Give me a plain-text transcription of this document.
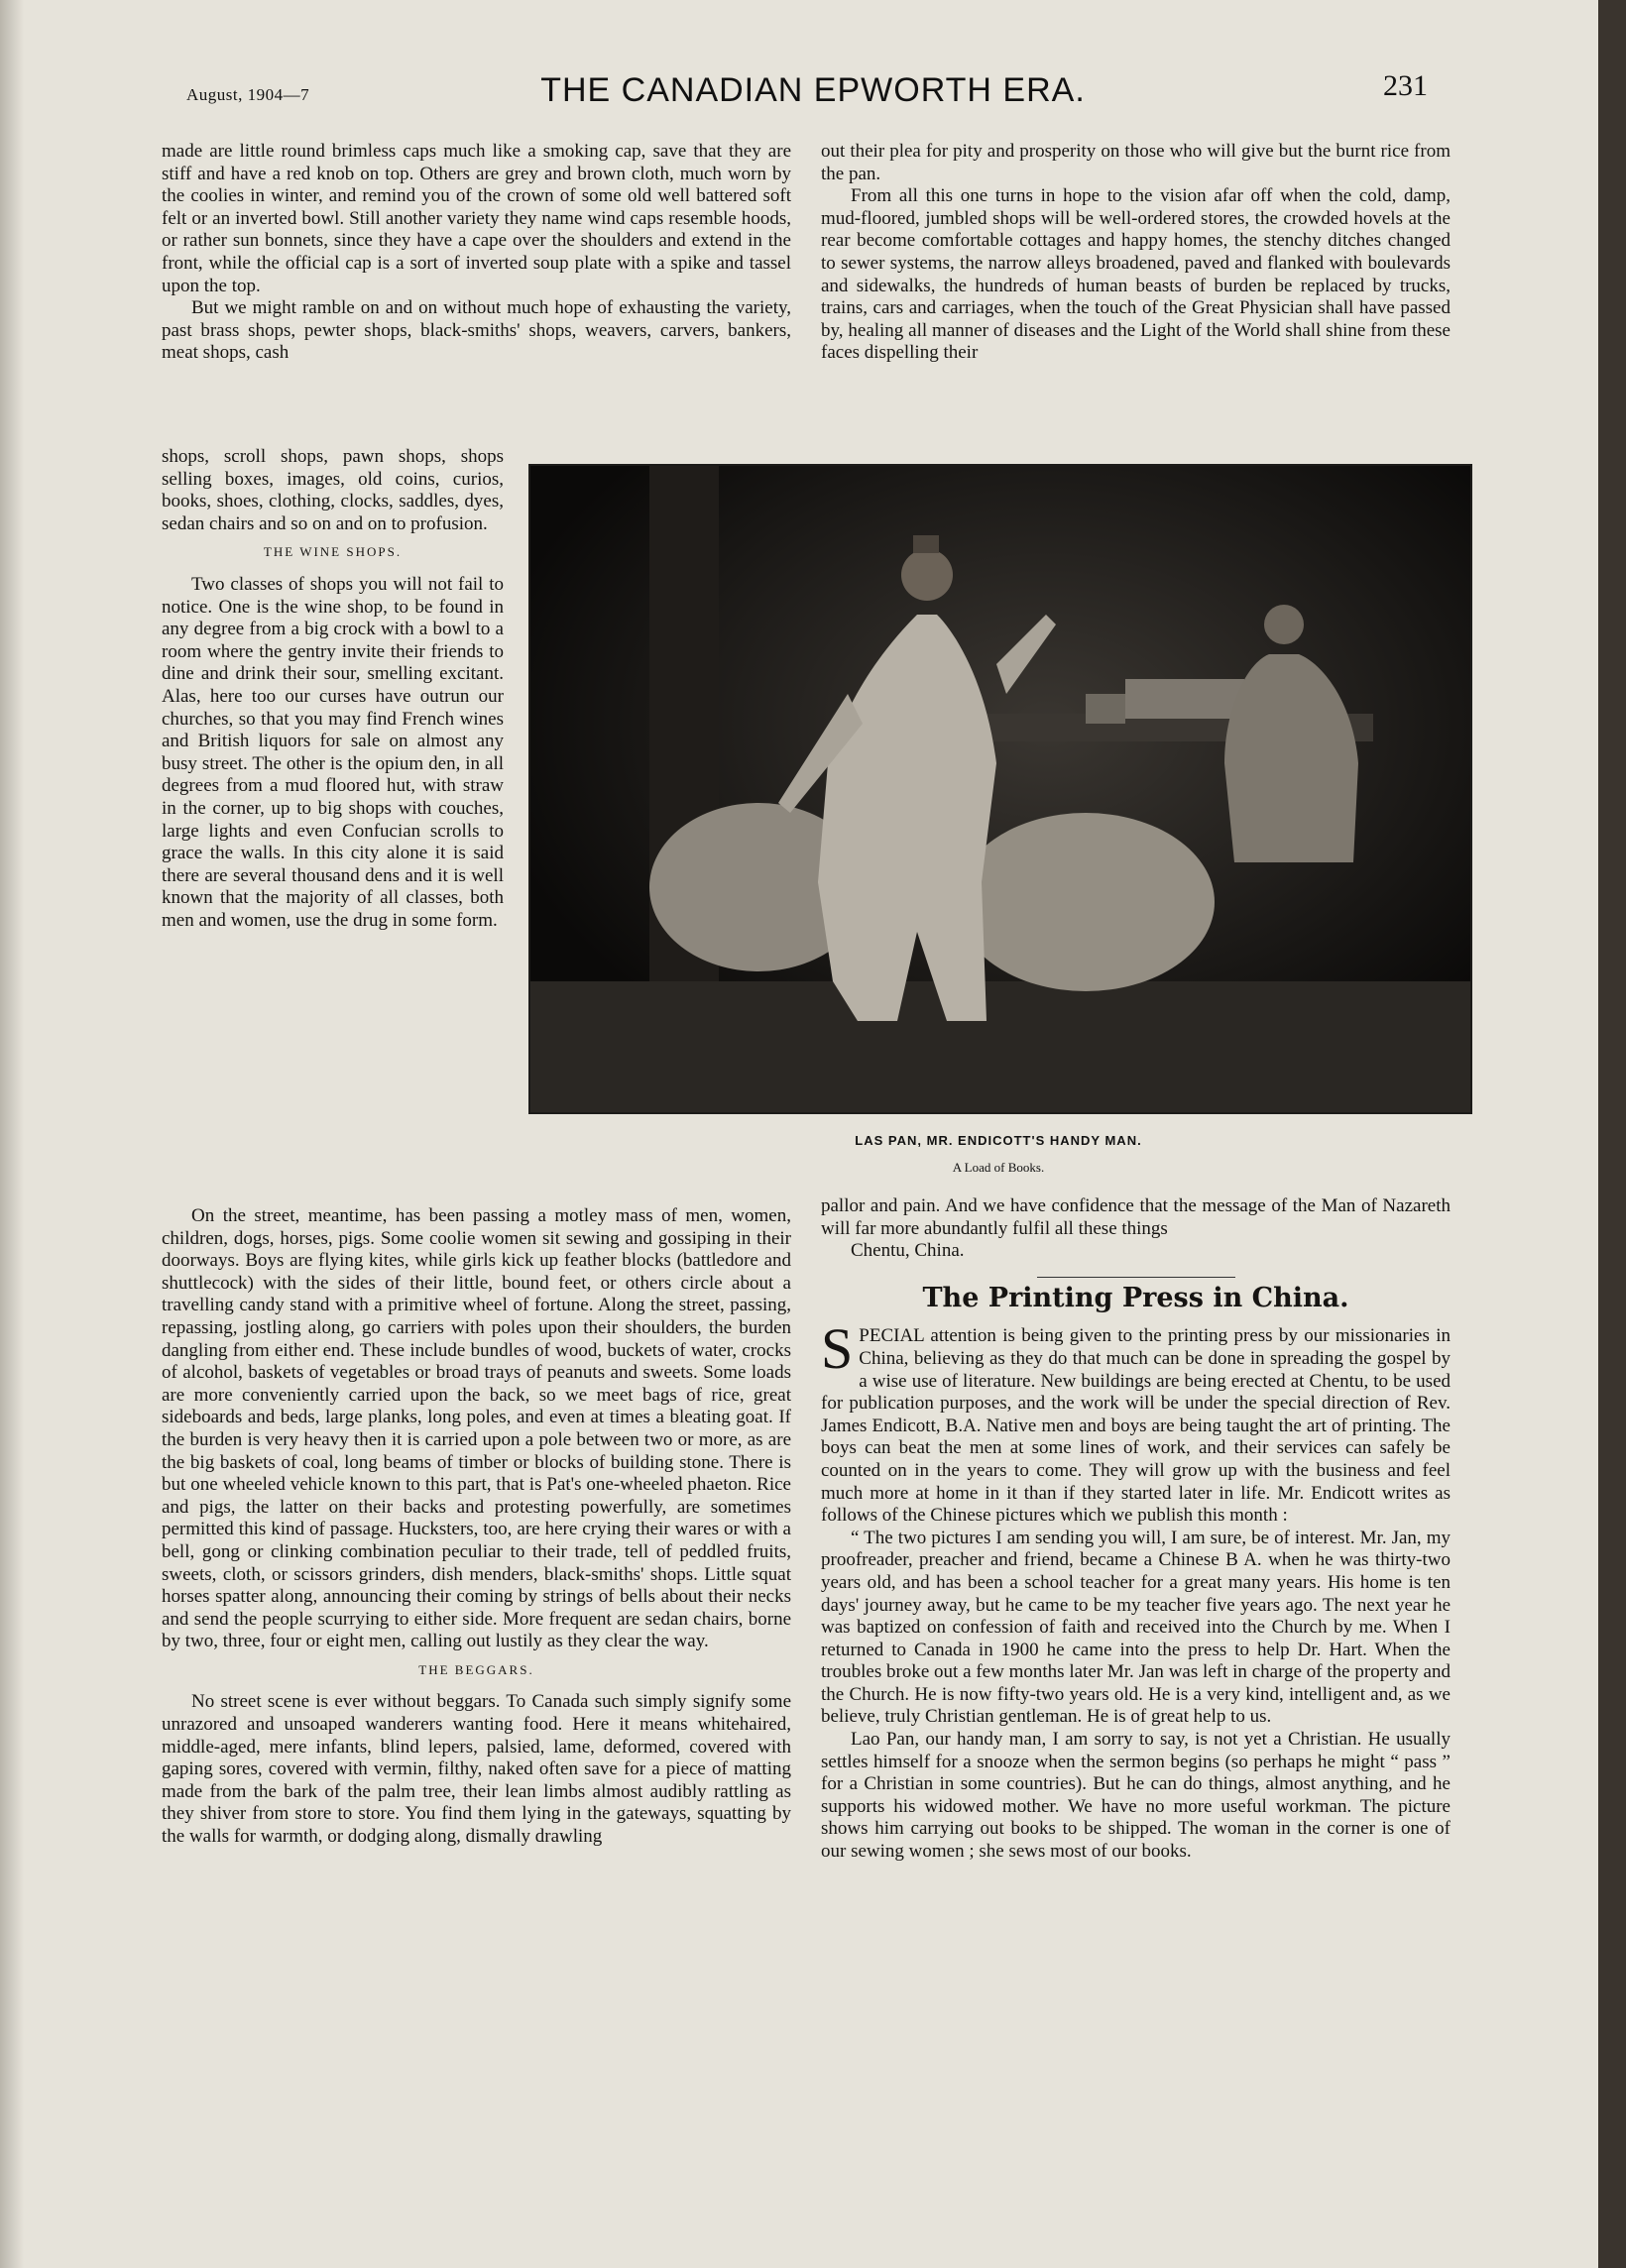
August, 1904—7	THE CANADIAN EPWORTH ERA.	231

made are little round brimless caps much like a smoking cap, save that they are stiff and have a red knob on top. Others are grey and brown cloth, much worn by the coolies in winter, and remind you of the crown of some old well battered soft felt or an inverted bowl. Still another variety they name wind caps resemble hoods, or rather sun bonnets, since they have a cape over the shoulders and extend in the front, while the official cap is a sort of inverted soup plate with a spike and tassel upon the top.

But we might ramble on and on without much hope of exhausting the variety, past brass shops, pewter shops, black-smiths' shops, weavers, carvers, bankers, meat shops, cash

shops, scroll shops, pawn shops, shops selling boxes, images, old coins, curios, books, shoes, clothing, clocks, saddles, dyes, sedan chairs and so on and on to profusion.

THE WINE SHOPS.

Two classes of shops you will not fail to notice. One is the wine shop, to be found in any degree from a big crock with a bowl to a room where the gentry invite their friends to dine and drink their sour, smelling excitant. Alas, here too our curses have outrun our churches, so that you may find French wines and British liquors for sale on almost any busy street. The other is the opium den, in all degrees from a mud floored hut, with straw in the corner, up to big shops with couches, large lights and even Confucian scrolls to grace the walls. In this city alone it is said there are several thousand dens and it is well known that the majority of all classes, both men and women, use the drug in some form.

On the street, meantime, has been passing a motley mass of men, women, children, dogs, horses, pigs. Some coolie women sit sewing and gossiping in their doorways. Boys are flying kites, while girls kick up feather blocks (battledore and shuttlecock) with the sides of their little, bound feet, or others circle about a travelling candy stand with a primitive wheel of fortune. Along the street, passing, repassing, jostling along, go carriers with poles upon their shoulders, the burden dangling from either end. These include bundles of wood, buckets of water, crocks of alcohol, baskets of vegetables or broad trays of peanuts and sweets. Some loads are more conveniently carried upon the back, so we meet bags of rice, great sideboards and beds, large planks, long poles, and even at times a bleating goat. If the burden is very heavy then it is carried upon a pole between two or more, as are the big baskets of coal, long beams of timber or blocks of building stone. There is but one wheeled vehicle known to this part, that is Pat's one-wheeled phaeton. Rice and pigs, the latter on their backs and protesting powerfully, are sometimes permitted this kind of passage. Hucksters, too, are here crying their wares or with a bell, gong or clinking combination peculiar to their trade, tell of peddled fruits, sweets, cloth, or scissors grinders, dish menders, black-smiths' shops. Little squat horses spatter along, announcing their coming by strings of bells about their necks and send the people scurrying to either side. More frequent are sedan chairs, borne by two, three, four or eight men, calling out lustily as they clear the way.

THE BEGGARS.

No street scene is ever without beggars. To Canada such simply signify some unrazored and unsoaped wanderers wanting food. Here it means whitehaired, middle-aged, mere infants, blind lepers, palsied, lame, deformed, covered with gaping sores, covered with vermin, filthy, naked often save for a piece of matting made from the bark of the palm tree, their lean limbs almost audibly rattling as they shiver from store to store. You find them lying in the gateways, squatting by the walls for warmth, or dodging along, dismally drawling

out their plea for pity and prosperity on those who will give but the burnt rice from the pan.

From all this one turns in hope to the vision afar off when the cold, damp, mud-floored, jumbled shops will be well-ordered stores, the crowded hovels at the rear become comfortable cottages and happy homes, the stenchy ditches changed to sewer systems, the narrow alleys broadened, paved and flanked with boulevards and sidewalks, the hundreds of human beasts of burden be replaced by trucks, trains, cars and carriages, when the touch of the Great Physician shall have passed by, healing all manner of diseases and the Light of the World shall shine from these faces dispelling their

LAS PAN, MR. ENDICOTT'S HANDY MAN.
A Load of Books.

pallor and pain. And we have confidence that the message of the Man of Nazareth will far more abundantly fulfil all these things

Chentu, China.

The Printing Press in China.

SPECIAL attention is being given to the printing press by our missionaries in China, believing as they do that much can be done in spreading the gospel by a wise use of literature. New buildings are being erected at Chentu, to be used for publication purposes, and the work will be under the special direction of Rev. James Endicott, B.A. Native men and boys are being taught the art of printing. The boys can beat the men at some lines of work, and their services can safely be counted on in the years to come. They will grow up with the business and feel much more at home in it than if they started later in life. Mr. Endicott writes as follows of the Chinese pictures which we publish this month :

“ The two pictures I am sending you will, I am sure, be of interest. Mr. Jan, my proofreader, preacher and friend, became a Chinese B A. when he was thirty-two years old, and has been a school teacher for a great many years. His home is ten days' journey away, but he came to be my teacher five years ago. The next year he was baptized on confession of faith and received into the Church by me. When I returned to Canada in 1900 he came into the press to help Dr. Hart. When the troubles broke out a few months later Mr. Jan was left in charge of the property and the Church. He is now fifty-two years old. He is a very kind, intelligent and, as we believe, truly Christian gentleman. He is of great help to us.

Lao Pan, our handy man, I am sorry to say, is not yet a Christian. He usually settles himself for a snooze when the sermon begins (so perhaps he might “ pass ” for a Christian in some countries). But he can do things, almost anything, and he supports his widowed mother. We have no more useful workman. The picture shows him carrying out books to be shipped. The woman in the corner is one of our sewing women ; she sews most of our books.
